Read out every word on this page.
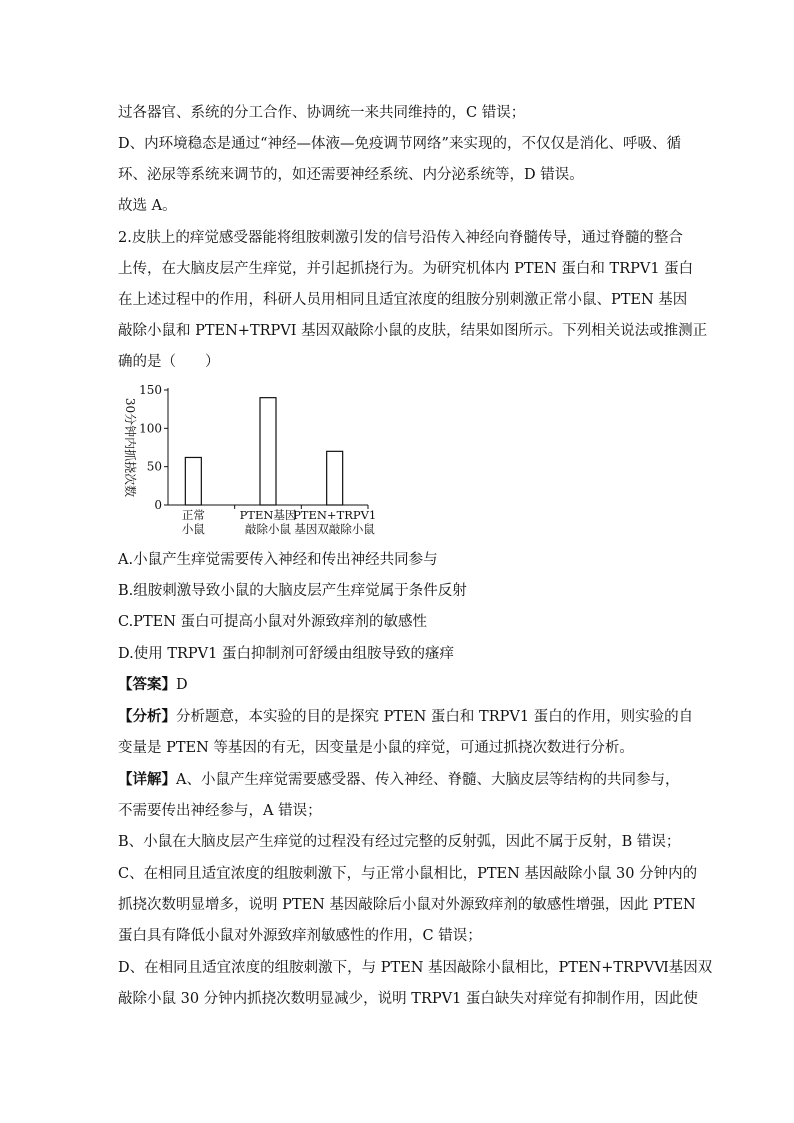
过各器官、系统的分工合作、协调统一来共同维持的，C 错误；
D、内环境稳态是通过“神经—体液—免疫调节网络”来实现的，不仅仅是消化、呼吸、循
环、泌尿等系统来调节的，如还需要神经系统、内分泌系统等，D 错误。
故选 A。
2.皮肤上的痒觉感受器能将组胺刺激引发的信号沿传入神经向脊髓传导，通过脊髓的整合
上传，在大脑皮层产生痒觉，并引起抓挠行为。为研究机体内 PTEN 蛋白和 TRPV1 蛋白
在上述过程中的作用，科研人员用相同且适宜浓度的组胺分别刺激正常小鼠、PTEN 基因
敲除小鼠和 PTEN+TRPVI 基因双敲除小鼠的皮肤，结果如图所示。下列相关说法或推测正
确的是（　　）
0
50
100
150
30分钟内抓挠次数
正常
小鼠
PTEN基因
敲除小鼠
PTEN+TRPV1
基因双敲除小鼠
A.小鼠产生痒觉需要传入神经和传出神经共同参与
B.组胺刺激导致小鼠的大脑皮层产生痒觉属于条件反射
C.PTEN 蛋白可提高小鼠对外源致痒剂的敏感性
D.使用 TRPV1 蛋白抑制剂可舒缓由组胺导致的瘙痒
【答案】D
【分析】分析题意，本实验的目的是探究 PTEN 蛋白和 TRPV1 蛋白的作用，则实验的自
变量是 PTEN 等基因的有无，因变量是小鼠的痒觉，可通过抓挠次数进行分析。
【详解】A、小鼠产生痒觉需要感受器、传入神经、脊髓、大脑皮层等结构的共同参与，
不需要传出神经参与，A 错误；
B、小鼠在大脑皮层产生痒觉的过程没有经过完整的反射弧，因此不属于反射，B 错误；
C、在相同且适宜浓度的组胺刺激下，与正常小鼠相比，PTEN 基因敲除小鼠 30 分钟内的
抓挠次数明显增多，说明 PTEN 基因敲除后小鼠对外源致痒剂的敏感性增强，因此 PTEN
蛋白具有降低小鼠对外源致痒剂敏感性的作用，C 错误；
D、在相同且适宜浓度的组胺刺激下，与 PTEN 基因敲除小鼠相比，PTEN+TRPVⅥ基因双
敲除小鼠 30 分钟内抓挠次数明显减少，说明 TRPV1 蛋白缺失对痒觉有抑制作用，因此使
